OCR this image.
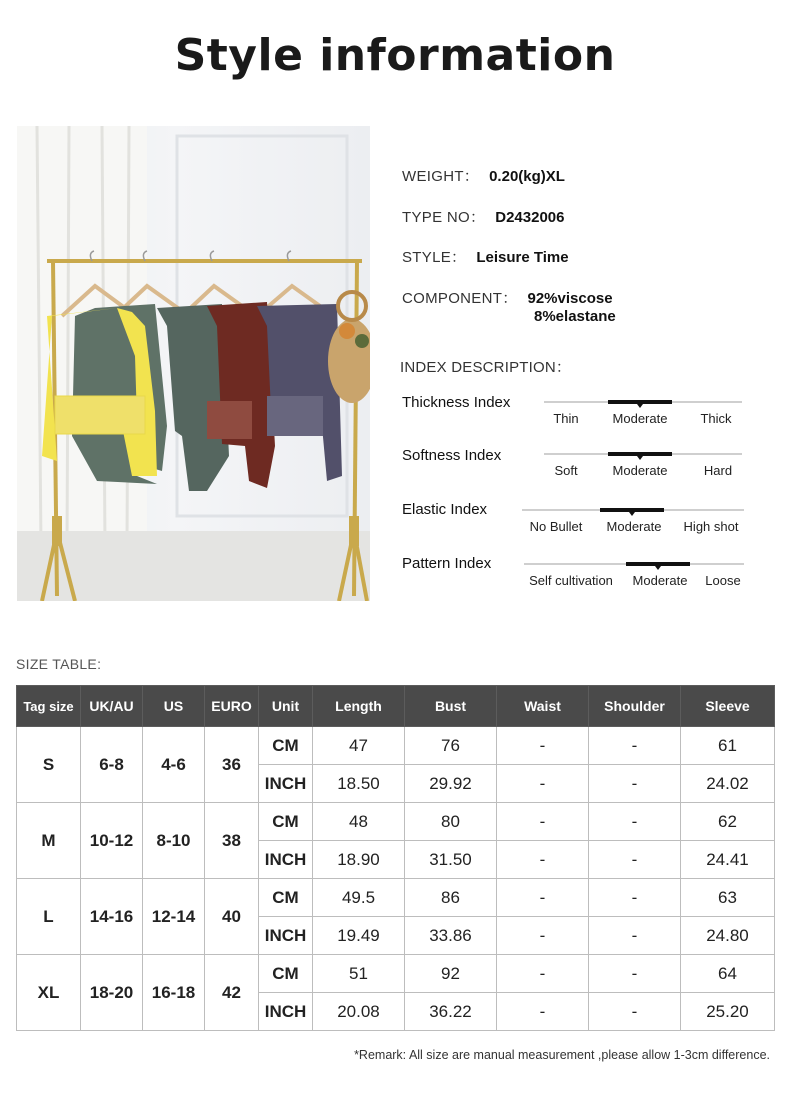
Style information
WEIGHT： 0.20(kg)XL
TYPE NO： D2432006
STYLE： Leisure Time
COMPONENT： 92%viscose
8%elastane
INDEX DESCRIPTION：
Thickness Index
Thin	Moderate	Thick
Softness Index
Soft	Moderate	Hard
Elastic Index
No Bullet Moderate High shot
Pattern Index
Self cultivation Moderate Loose
SIZE TABLE:
Tag size	UK/AU	US	EURO	Unit	Length	Bust	Waist	Shoulder	Sleeve
S	6-8	4-6	36	CM	47	76	-	-	61
				INCH	18.50	29.92	-	-	24.02
M	10-12	8-10	38	CM	48	80	-	-	62
				INCH	18.90	31.50	-	-	24.41
L	14-16	12-14	40	CM	49.5	86	-	-	63
				INCH	19.49	33.86	-	-	24.80
XL	18-20	16-18	42	CM	51	92	-	-	64
				INCH	20.08	36.22	-	-	25.20
*Remark: All size are manual measurement ,please allow 1-3cm difference.
